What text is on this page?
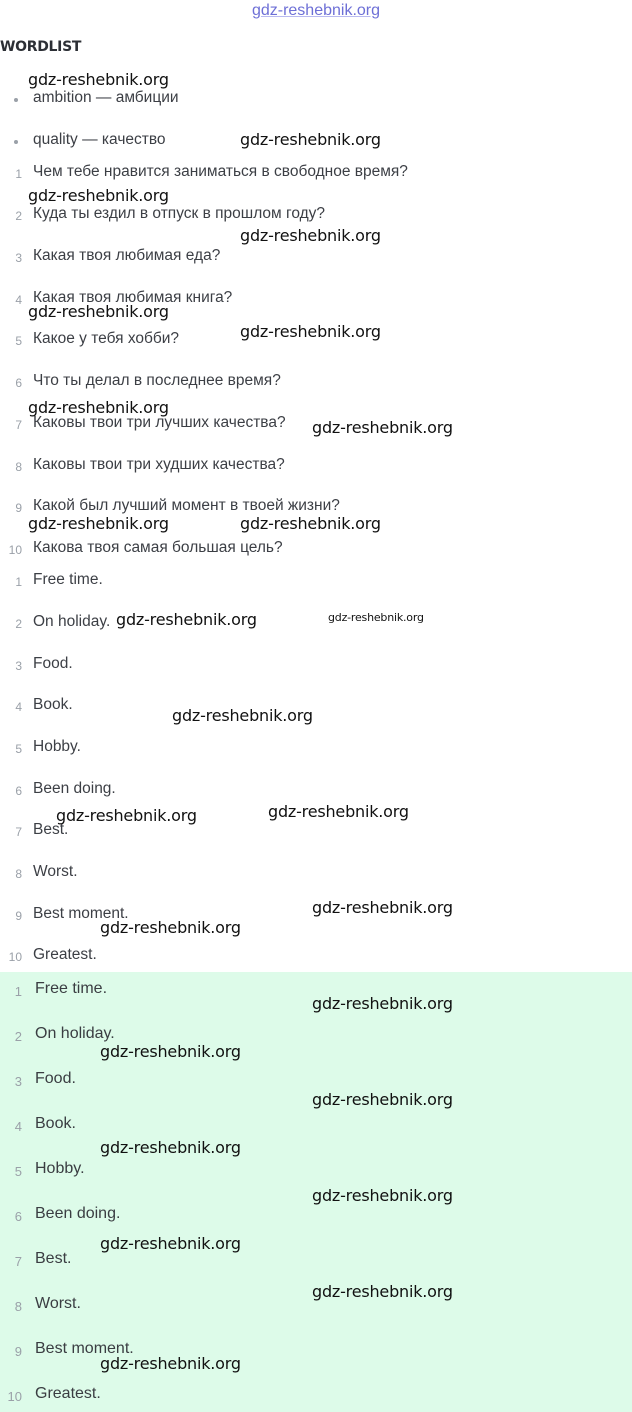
gdz-reshebnik.org
WORDLIST
ambition — амбиции
quality — качество
1 Чем тебе нравится заниматься в свободное время?
2 Куда ты ездил в отпуск в прошлом году?
3 Какая твоя любимая еда?
4 Какая твоя любимая книга?
5 Какое у тебя хобби?
6 Что ты делал в последнее время?
7 Каковы твои три лучших качества?
8 Каковы твои три худших качества?
9 Какой был лучший момент в твоей жизни?
10 Какова твоя самая большая цель?
1 Free time.
2 On holiday.
3 Food.
4 Book.
5 Hobby.
6 Been doing.
7 Best.
8 Worst.
9 Best moment.
10 Greatest.
1 Free time.
2 On holiday.
3 Food.
4 Book.
5 Hobby.
6 Been doing.
7 Best.
8 Worst.
9 Best moment.
10 Greatest.
gdz-reshebnik.org
gdz-reshebnik.org
gdz-reshebnik.org
gdz-reshebnik.org
gdz-reshebnik.org
gdz-reshebnik.org
gdz-reshebnik.org
gdz-reshebnik.org
gdz-reshebnik.org	gdz-reshebnik.org
gdz-reshebnik.org	gdz-reshebnik.org
gdz-reshebnik.org
gdz-reshebnik.org	gdz-reshebnik.org
gdz-reshebnik.org
gdz-reshebnik.org
gdz-reshebnik.org
gdz-reshebnik.org
gdz-reshebnik.org
gdz-reshebnik.org
gdz-reshebnik.org
gdz-reshebnik.org
gdz-reshebnik.org
gdz-reshebnik.org
